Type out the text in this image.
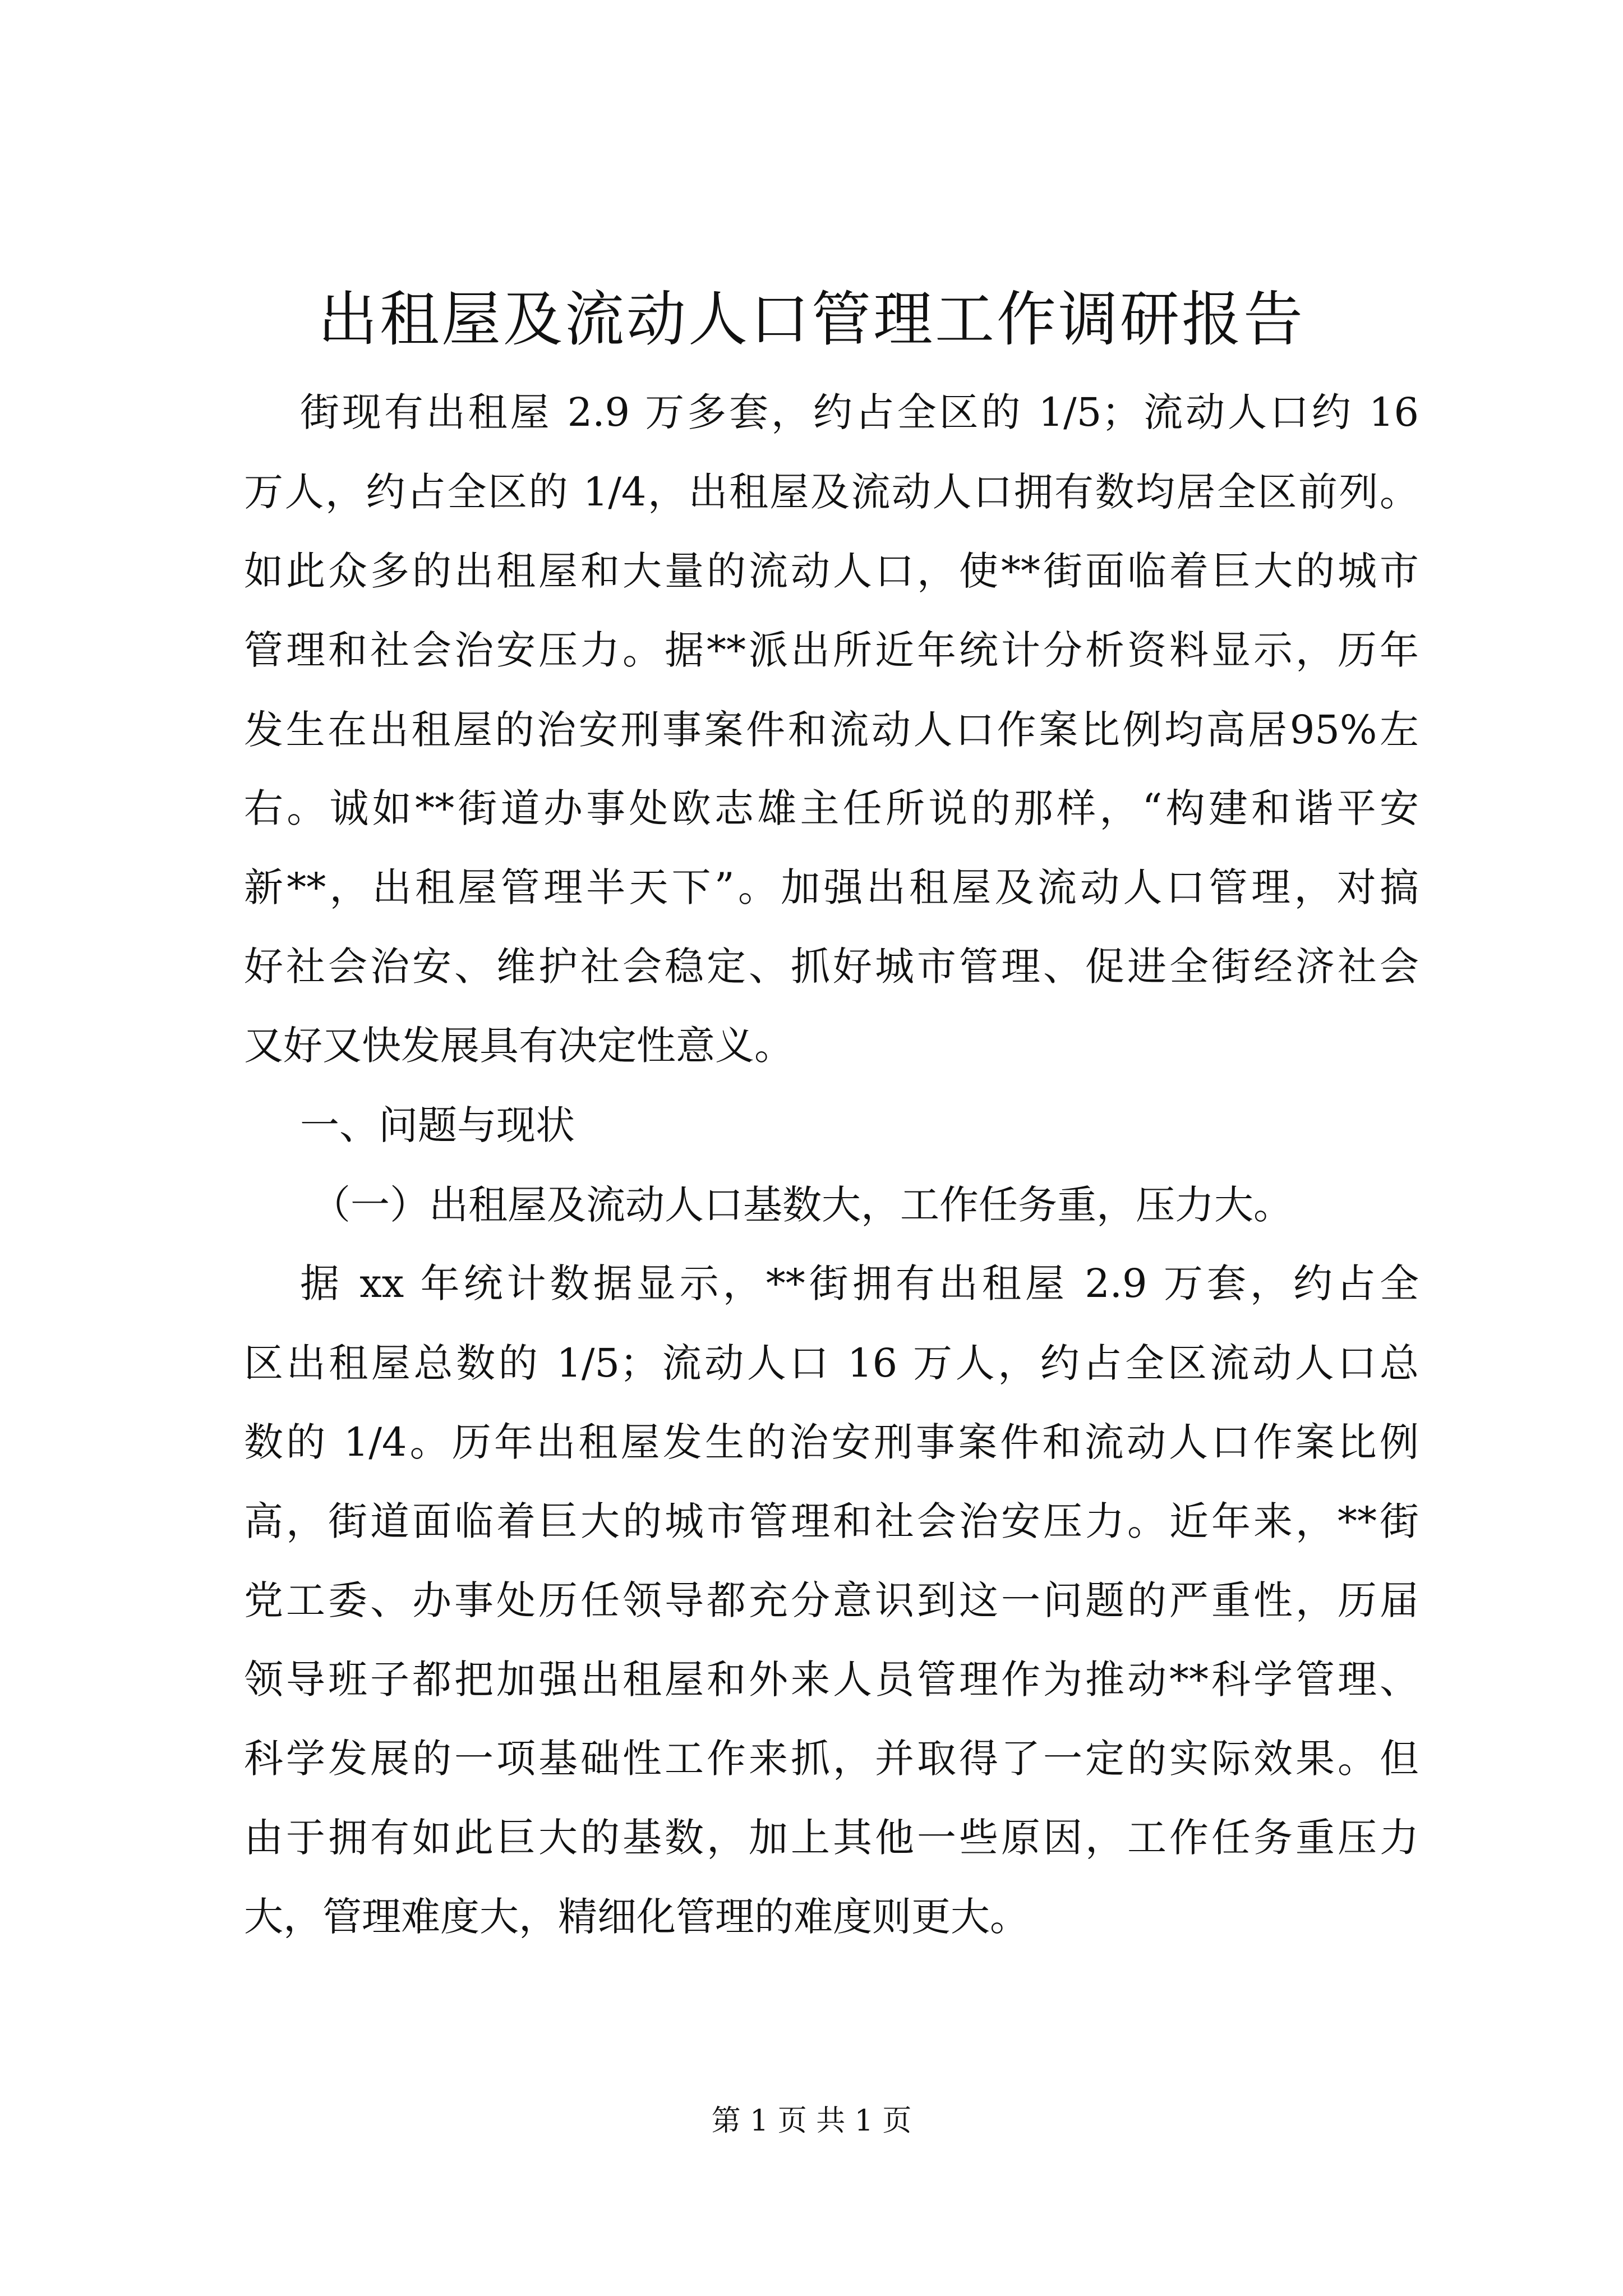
出租屋及流动人口管理工作调研报告
街现有出租屋 2.9 万多套，约占全区的 1/5；流动人口约 16
万人，约占全区的 1/4，出租屋及流动人口拥有数均居全区前列。
如此众多的出租屋和大量的流动人口，使**街面临着巨大的城市
管理和社会治安压力。据**派出所近年统计分析资料显示，历年
发生在出租屋的治安刑事案件和流动人口作案比例均高居95%左
右。诚如**街道办事处欧志雄主任所说的那样，“构建和谐平安
新**，出租屋管理半天下”。加强出租屋及流动人口管理，对搞
好社会治安、维护社会稳定、抓好城市管理、促进全街经济社会
又好又快发展具有决定性意义。
一、问题与现状
（一）出租屋及流动人口基数大，工作任务重，压力大。
据 xx 年统计数据显示，**街拥有出租屋 2.9 万套，约占全
区出租屋总数的 1/5；流动人口 16 万人，约占全区流动人口总
数的 1/4。历年出租屋发生的治安刑事案件和流动人口作案比例
高，街道面临着巨大的城市管理和社会治安压力。近年来，**街
党工委、办事处历任领导都充分意识到这一问题的严重性，历届
领导班子都把加强出租屋和外来人员管理作为推动**科学管理、
科学发展的一项基础性工作来抓，并取得了一定的实际效果。但
由于拥有如此巨大的基数，加上其他一些原因，工作任务重压力
大，管理难度大，精细化管理的难度则更大。
第 1 页 共 1 页
